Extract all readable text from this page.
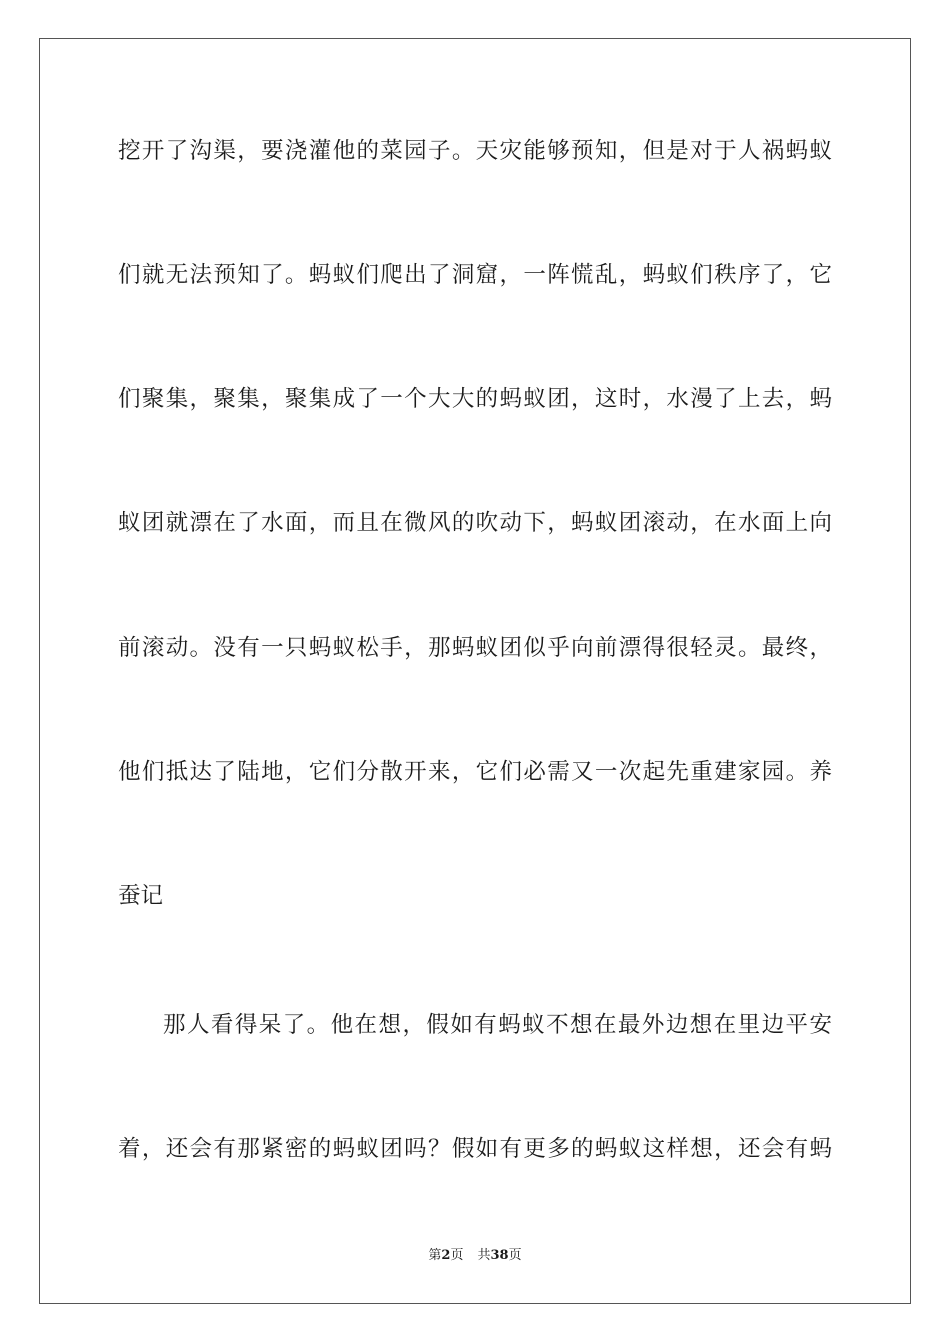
挖开了沟渠，要浇灌他的菜园子。天灾能够预知，但是对于人祸蚂蚁
们就无法预知了。蚂蚁们爬出了洞窟，一阵慌乱，蚂蚁们秩序了，它
们聚集，聚集，聚集成了一个大大的蚂蚁团，这时，水漫了上去，蚂
蚁团就漂在了水面，而且在微风的吹动下，蚂蚁团滚动，在水面上向
前滚动。没有一只蚂蚁松手，那蚂蚁团似乎向前漂得很轻灵。最终，
他们抵达了陆地，它们分散开来，它们必需又一次起先重建家园。养
蚕记
那人看得呆了。他在想，假如有蚂蚁不想在最外边想在里边平安
着，还会有那紧密的蚂蚁团吗？假如有更多的蚂蚁这样想，还会有蚂
第2页 共38页
